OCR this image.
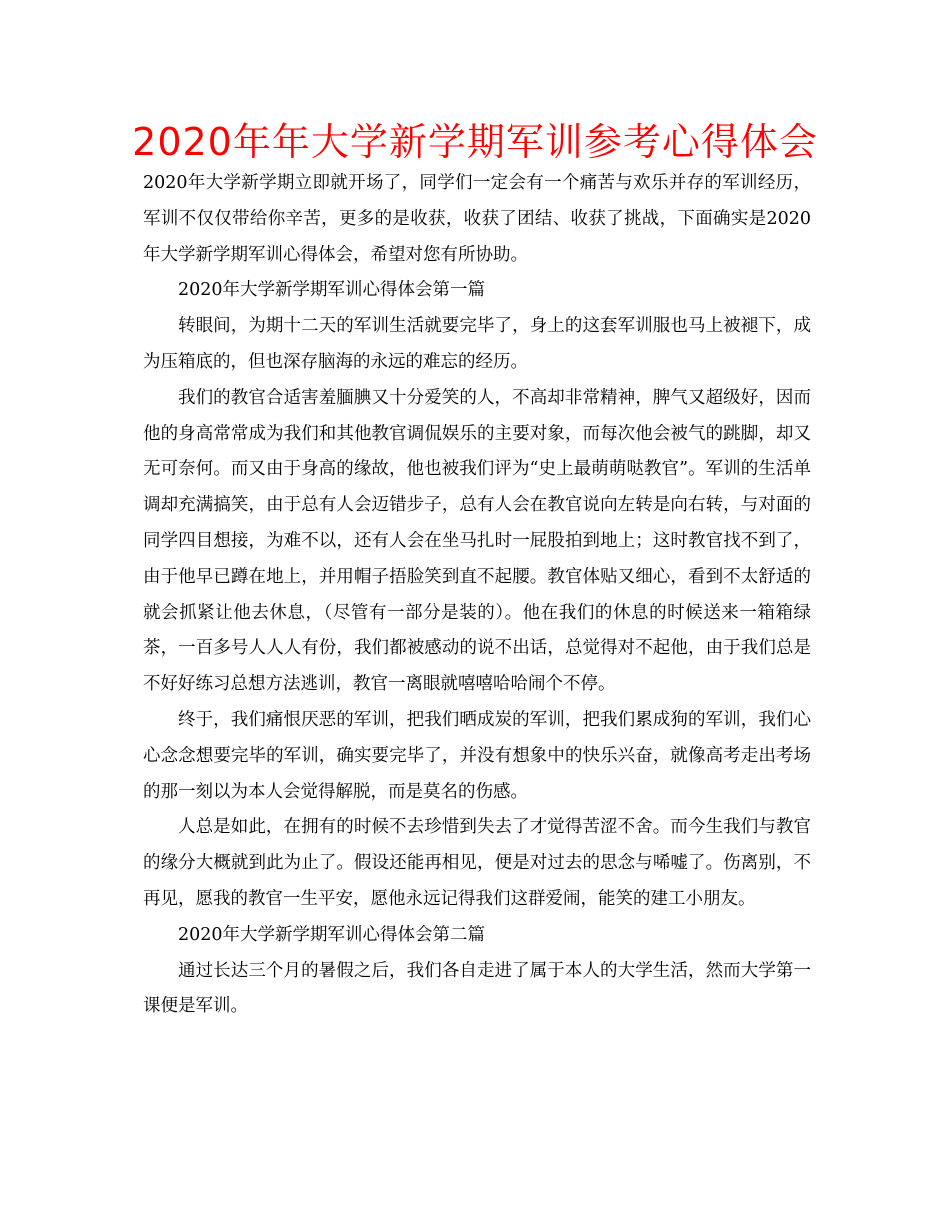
2020年年大学新学期军训参考心得体会

2020年大学新学期立即就开场了，同学们一定会有一个痛苦与欢乐并存的军训经历，军训不仅仅带给你辛苦，更多的是收获，收获了团结、收获了挑战，下面确实是2020年大学新学期军训心得体会，希望对您有所协助。

2020年大学新学期军训心得体会第一篇

转眼间，为期十二天的军训生活就要完毕了，身上的这套军训服也马上被褪下，成为压箱底的，但也深存脑海的永远的难忘的经历。

我们的教官合适害羞腼腆又十分爱笑的人，不高却非常精神，脾气又超级好，因而他的身高常常成为我们和其他教官调侃娱乐的主要对象，而每次他会被气的跳脚，却又无可奈何。而又由于身高的缘故，他也被我们评为“史上最萌萌哒教官”。军训的生活单调却充满搞笑，由于总有人会迈错步子，总有人会在教官说向左转是向右转，与对面的同学四目想接，为难不以，还有人会在坐马扎时一屁股拍到地上；这时教官找不到了，由于他早已蹲在地上，并用帽子捂脸笑到直不起腰。教官体贴又细心，看到不太舒适的就会抓紧让他去休息，（尽管有一部分是装的）。他在我们的休息的时候送来一箱箱绿茶，一百多号人人人有份，我们都被感动的说不出话，总觉得对不起他，由于我们总是不好好练习总想方法逃训，教官一离眼就嘻嘻哈哈闹个不停。

终于，我们痛恨厌恶的军训，把我们晒成炭的军训，把我们累成狗的军训，我们心心念念想要完毕的军训，确实要完毕了，并没有想象中的快乐兴奋，就像高考走出考场的那一刻以为本人会觉得解脱，而是莫名的伤感。

人总是如此，在拥有的时候不去珍惜到失去了才觉得苦涩不舍。而今生我们与教官的缘分大概就到此为止了。假设还能再相见，便是对过去的思念与唏嘘了。伤离别，不再见，愿我的教官一生平安，愿他永远记得我们这群爱闹，能笑的建工小朋友。

2020年大学新学期军训心得体会第二篇

通过长达三个月的暑假之后，我们各自走进了属于本人的大学生活，然而大学第一课便是军训。
